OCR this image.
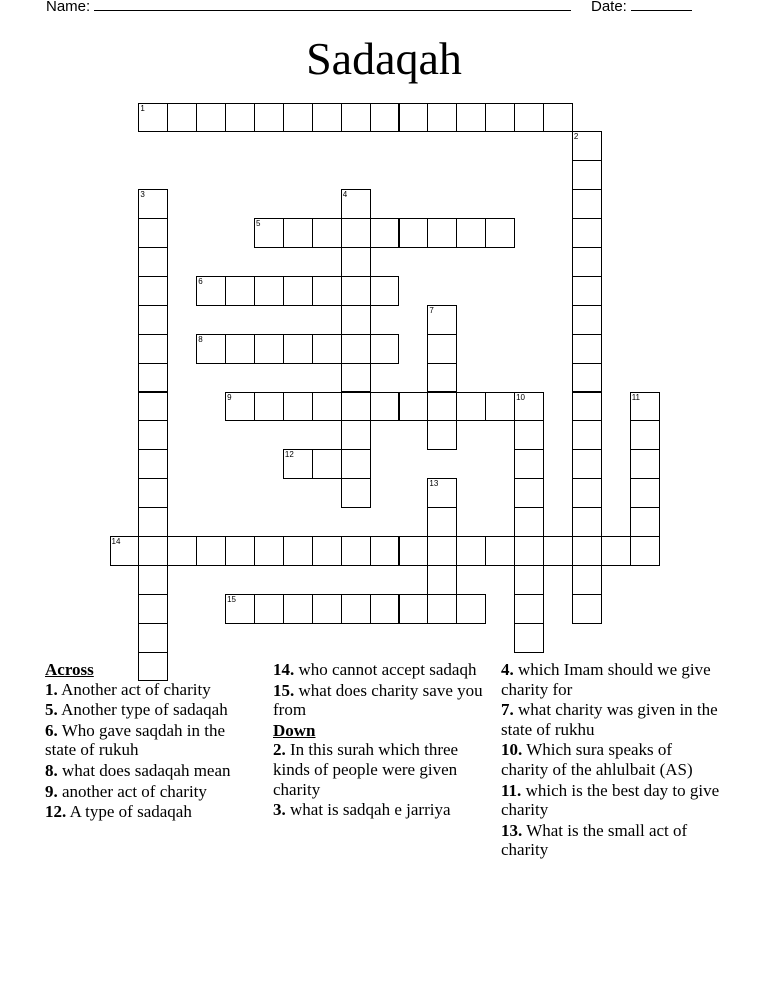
Name:	Date:
Sadaqah
1
2
3	4
5
6
7
8
9	10	11
12
13
14
15
Across
1. Another act of charity
5. Another type of sadaqah
6. Who gave saqdah in the state of rukuh
8. what does sadaqah mean
9. another act of charity
12. A type of sadaqah
14. who cannot accept sadaqh
15. what does charity save you from
Down
2. In this surah which three kinds of people were given charity
3. what is sadqah e jarriya
4. which Imam should we give charity for
7. what charity was given in the state of rukhu
10. Which sura speaks of charity of the ahlulbait (AS)
11. which is the best day to give charity
13. What is the small act of charity
